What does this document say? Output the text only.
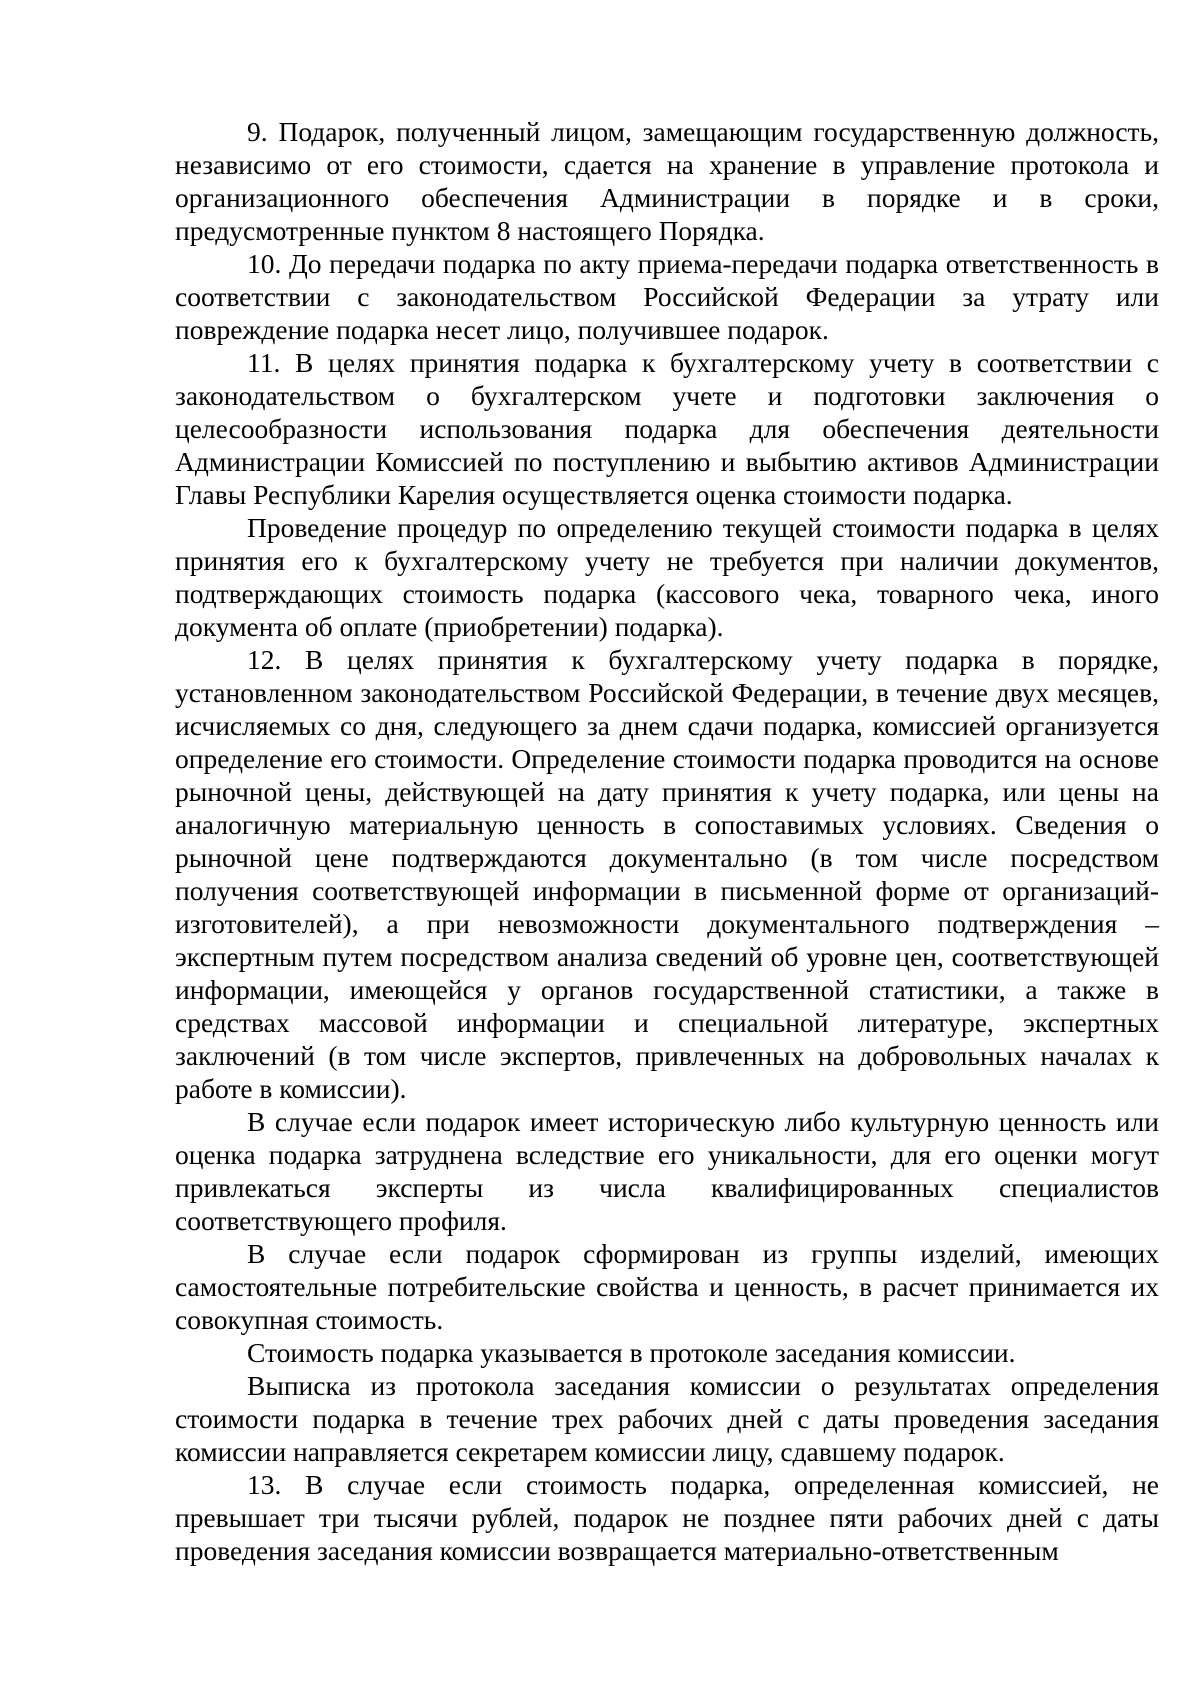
9. Подарок, полученный лицом, замещающим государственную должность, независимо от его стоимости, сдается на хранение в управление протокола и организационного обеспечения Администрации в порядке и в сроки, предусмотренные пунктом 8 настоящего Порядка.

10. До передачи подарка по акту приема-передачи подарка ответственность в соответствии с законодательством Российской Федерации за утрату или повреждение подарка несет лицо, получившее подарок.

11. В целях принятия подарка к бухгалтерскому учету в соответствии с законодательством о бухгалтерском учете и подготовки заключения о целесообразности использования подарка для обеспечения деятельности Администрации Комиссией по поступлению и выбытию активов Администрации Главы Республики Карелия осуществляется оценка стоимости подарка.

Проведение процедур по определению текущей стоимости подарка в целях принятия его к бухгалтерскому учету не требуется при наличии документов, подтверждающих стоимость подарка (кассового чека, товарного чека, иного документа об оплате (приобретении) подарка).

12. В целях принятия к бухгалтерскому учету подарка в порядке, установленном законодательством Российской Федерации, в течение двух месяцев, исчисляемых со дня, следующего за днем сдачи подарка, комиссией организуется определение его стоимости. Определение стоимости подарка проводится на основе рыночной цены, действующей на дату принятия к учету подарка, или цены на аналогичную материальную ценность в сопоставимых условиях. Сведения о рыночной цене подтверждаются документально (в том числе посредством получения соответствующей информации в письменной форме от организаций-изготовителей), а при невозможности документального подтверждения – экспертным путем посредством анализа сведений об уровне цен, соответствующей информации, имеющейся у органов государственной статистики, а также в средствах массовой информации и специальной литературе, экспертных заключений (в том числе экспертов, привлеченных на добровольных началах к работе в комиссии).

В случае если подарок имеет историческую либо культурную ценность или оценка подарка затруднена вследствие его уникальности, для его оценки могут привлекаться эксперты из числа квалифицированных специалистов соответствующего профиля.

В случае если подарок сформирован из группы изделий, имеющих самостоятельные потребительские свойства и ценность, в расчет принимается их совокупная стоимость.

Стоимость подарка указывается в протоколе заседания комиссии.

Выписка из протокола заседания комиссии о результатах определения стоимости подарка в течение трех рабочих дней с даты проведения заседания комиссии направляется секретарем комиссии лицу, сдавшему подарок.

13. В случае если стоимость подарка, определенная комиссией, не превышает три тысячи рублей, подарок не позднее пяти рабочих дней с даты проведения заседания комиссии возвращается материально-ответственным
